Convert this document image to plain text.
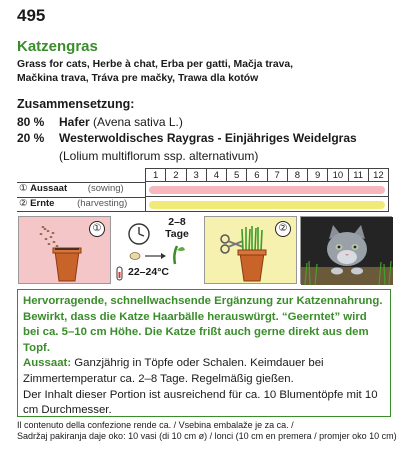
495
Katzengras
Grass for cats, Herbe à chat, Erba per gatti, Mačja trava,
Mačkina trava, Tráva pre mačky, Trawa dla kotów
Zusammensetzung:
80 % Hafer (Avena sativa L.)
20 % Westerwoldisches Raygras - Einjähriges Weidelgras
(Lolium multiflorum ssp. alternativum)
① Aussaat (sowing)
② Ernte (harvesting)
1	2	3	4	5	6	7	8	9	10	11	12
①
2–8
Tage
22–24°C
②

Hervorragende, schnellwachsende Ergänzung zur Katzennahrung. Bewirkt, dass die Katze Haarbälle herauswürgt. “Geerntet” wird bei ca. 5–10 cm Höhe. Die Katze frißt auch gerne direkt aus dem Topf.

Aussaat: Ganzjährig in Töpfe oder Schalen. Keimdauer bei Zimmertemperatur ca. 2–8 Tage. Regelmäßig gießen.

Der Inhalt dieser Portion ist ausreichend für ca. 10 Blumentöpfe mit 10 cm Durchmesser.

Il contenuto della confezione rende ca. / Vsebina embalaže je za ca. /
Sadržaj pakiranja daje oko: 10 vasi (di 10 cm ø) / lonci (10 cm en premera / promjer oko 10 cm)
